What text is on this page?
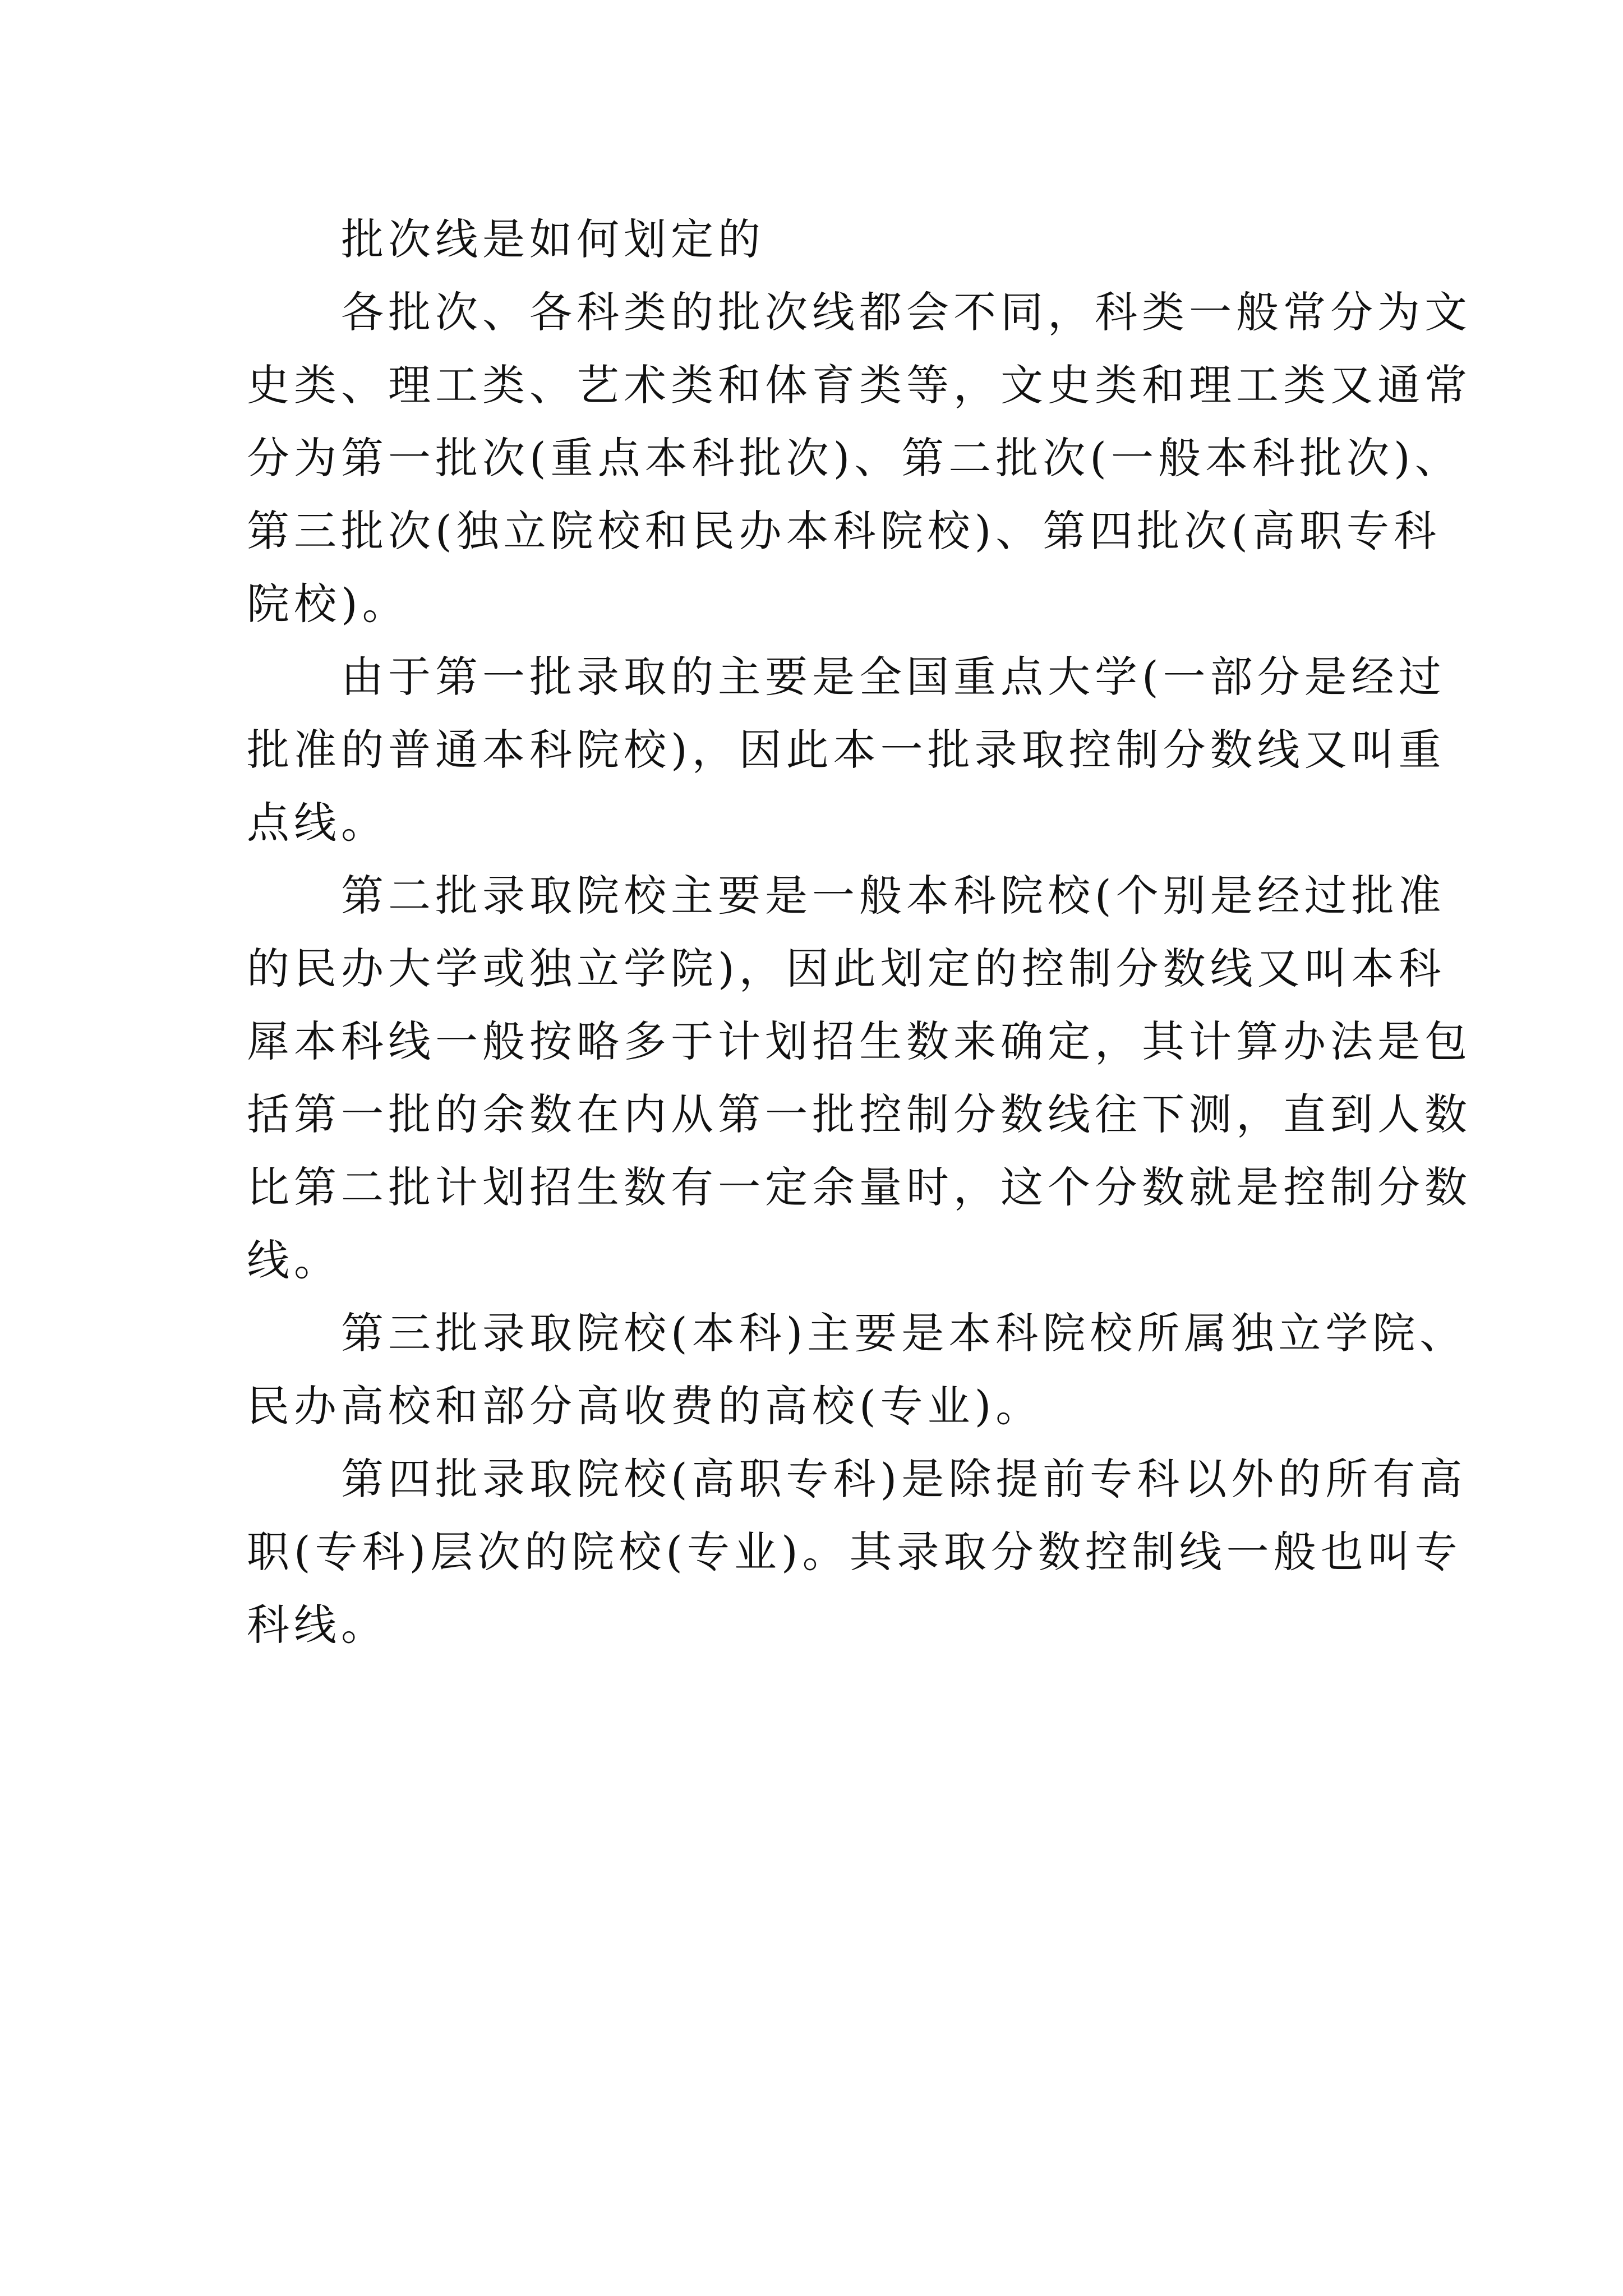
批次线是如何划定的
各批次、各科类的批次线都会不同，科类一般常分为文
史类、理工类、艺术类和体育类等，文史类和理工类又通常
分为第一批次(重点本科批次)、第二批次(一般本科批次)、
第三批次(独立院校和民办本科院校)、第四批次(高职专科
院校)。
由于第一批录取的主要是全国重点大学(一部分是经过
批准的普通本科院校)，因此本一批录取控制分数线又叫重
点线。
第二批录取院校主要是一般本科院校(个别是经过批准
的民办大学或独立学院)，因此划定的控制分数线又叫本科
犀本科线一般按略多于计划招生数来确定，其计算办法是包
括第一批的余数在内从第一批控制分数线往下测，直到人数
比第二批计划招生数有一定余量时，这个分数就是控制分数
线。
第三批录取院校(本科)主要是本科院校所属独立学院、
民办高校和部分高收费的高校(专业)。
第四批录取院校(高职专科)是除提前专科以外的所有高
职(专科)层次的院校(专业)。其录取分数控制线一般也叫专
科线。
